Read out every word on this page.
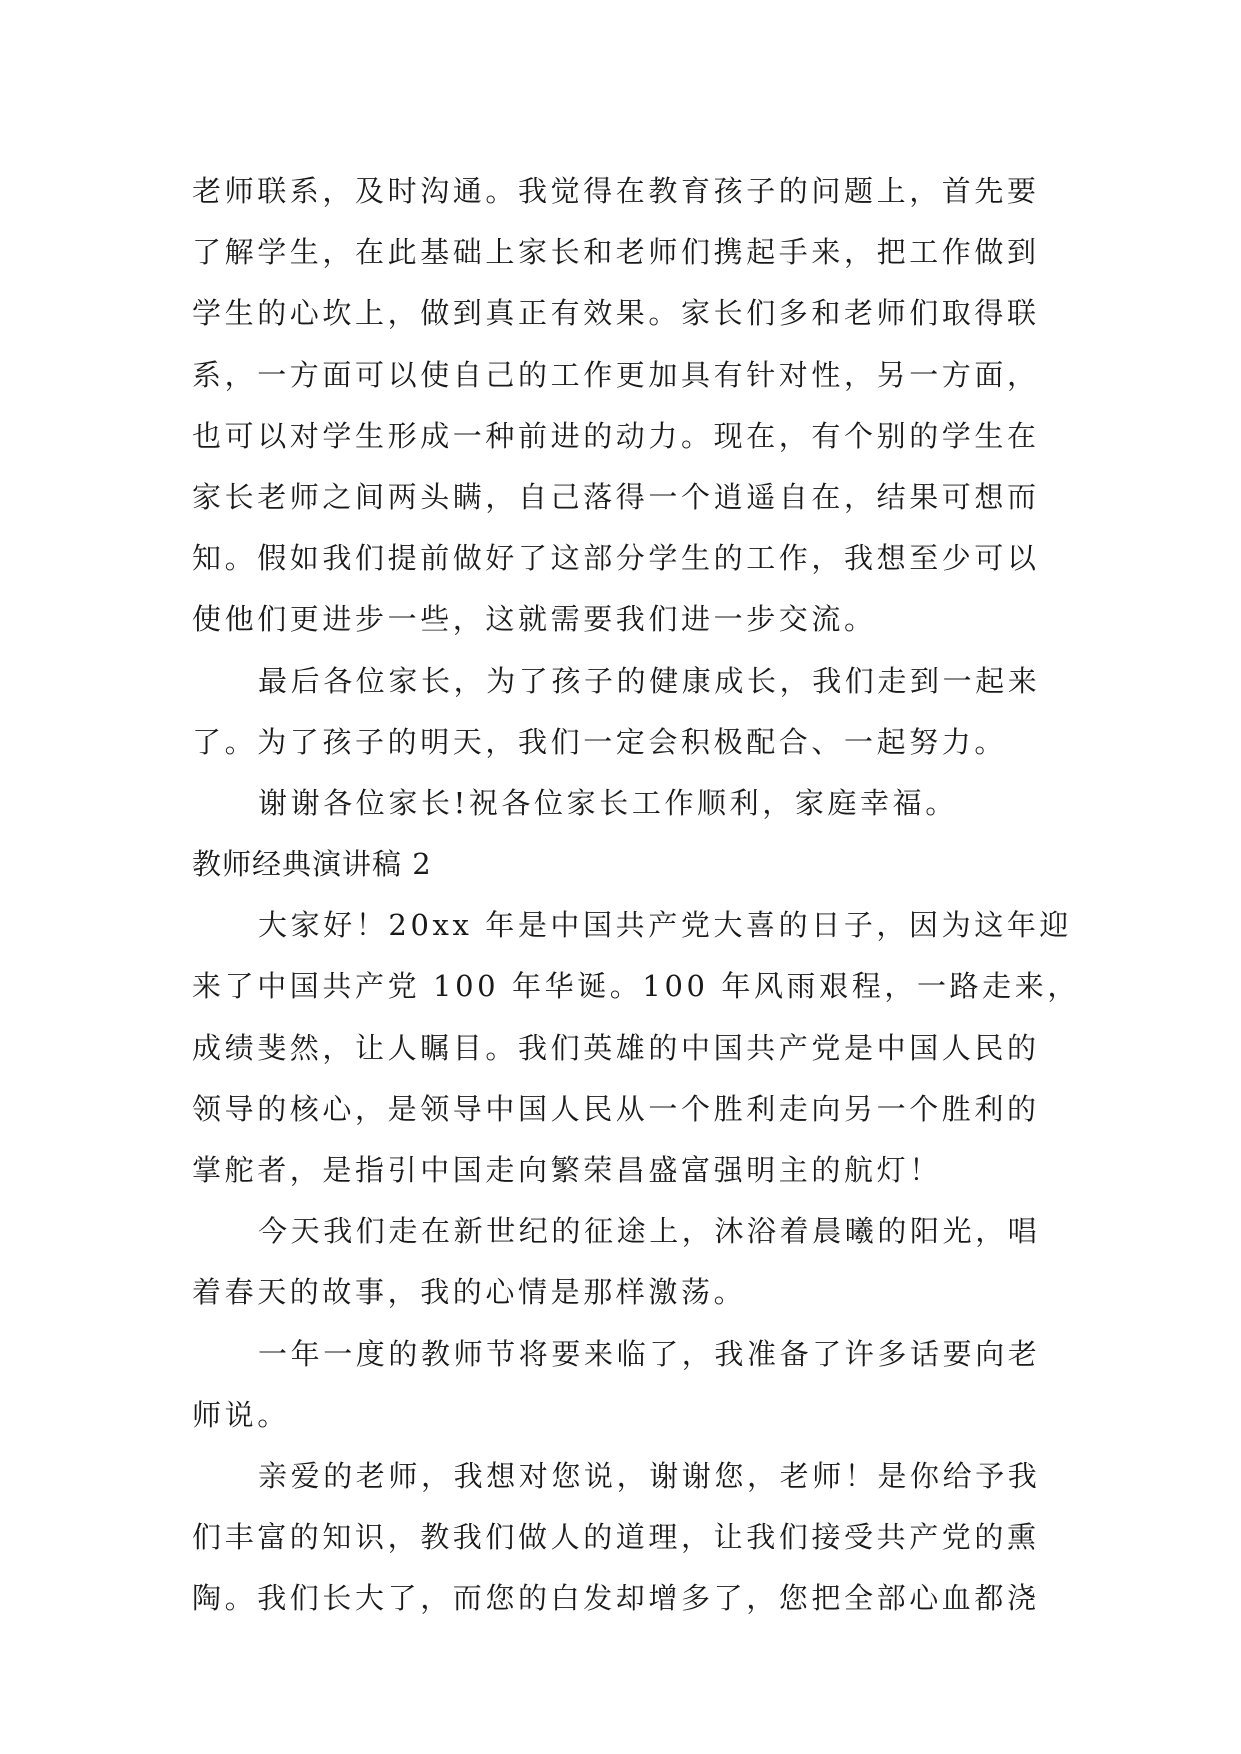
老师联系，及时沟通。我觉得在教育孩子的问题上，首先要
了解学生，在此基础上家长和老师们携起手来，把工作做到
学生的心坎上，做到真正有效果。家长们多和老师们取得联
系，一方面可以使自己的工作更加具有针对性，另一方面，
也可以对学生形成一种前进的动力。现在，有个别的学生在
家长老师之间两头瞒，自己落得一个逍遥自在，结果可想而
知。假如我们提前做好了这部分学生的工作，我想至少可以
使他们更进步一些，这就需要我们进一步交流。
最后各位家长，为了孩子的健康成长，我们走到一起来
了。为了孩子的明天，我们一定会积极配合、一起努力。
谢谢各位家长!祝各位家长工作顺利，家庭幸福。
教师经典演讲稿 2
大家好！20xx 年是中国共产党大喜的日子，因为这年迎
来了中国共产党 100 年华诞。100 年风雨艰程，一路走来，
成绩斐然，让人瞩目。我们英雄的中国共产党是中国人民的
领导的核心，是领导中国人民从一个胜利走向另一个胜利的
掌舵者，是指引中国走向繁荣昌盛富强明主的航灯！
今天我们走在新世纪的征途上，沐浴着晨曦的阳光，唱
着春天的故事，我的心情是那样激荡。
一年一度的教师节将要来临了，我准备了许多话要向老
师说。
亲爱的老师，我想对您说，谢谢您，老师！是你给予我
们丰富的知识，教我们做人的道理，让我们接受共产党的熏
陶。我们长大了，而您的白发却增多了，您把全部心血都浇
